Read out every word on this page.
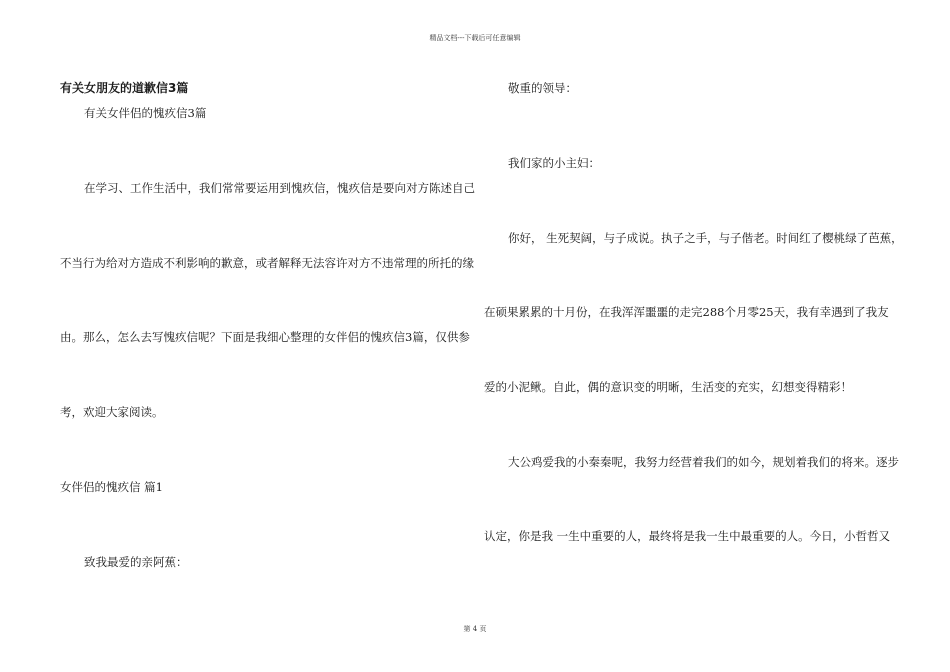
精品文档---下载后可任意编辑
有关女朋友的道歉信3篇
有关女伴侣的愧疚信3篇
在学习、工作生活中，我们常常要运用到愧疚信，愧疚信是要向对方陈述自己
不当行为给对方造成不利影响的歉意，或者解释无法容许对方不违常理的所托的缘
由。那么，怎么去写愧疚信呢？下面是我细心整理的女伴侣的愧疚信3篇，仅供参
考，欢迎大家阅读。
女伴侣的愧疚信 篇1
致我最爱的亲阿蕉：
敬重的领导：
我们家的小主妇：
你好， 生死契阔，与子成说。执子之手，与子偕老。时间红了樱桃绿了芭蕉，
在硕果累累的十月份，在我浑浑噩噩的走完288个月零25天，我有幸遇到了我友
爱的小泥鳅。自此，偶的意识变的明晰，生活变的充实，幻想变得精彩！
大公鸡爱我的小秦秦呢，我努力经营着我们的如今，规划着我们的将来。逐步
认定，你是我 一生中重要的人，最终将是我一生中最重要的人。今日，小哲哲又
第 4 页
